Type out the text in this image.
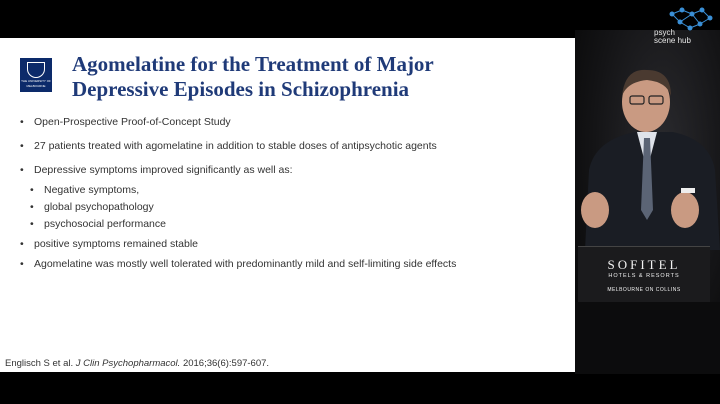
THE UNIVERSITY OF
MELBOURNE
Agomelatine for the Treatment of Major
Depressive Episodes in Schizophrenia
• Open-Prospective Proof-of-Concept Study
• 27 patients treated with agomelatine in addition to stable doses of antipsychotic agents
• Depressive symptoms improved significantly as well as:
• Negative symptoms,
• global psychopathology
• psychosocial performance
• positive symptoms remained stable
• Agomelatine was mostly well tolerated with predominantly mild and self-limiting side effects
Englisch S et al. J Clin Psychopharmacol. 2016;36(6):597-607.
psych
scene hub
SOFITEL
HOTELS & RESORTS
MELBOURNE ON COLLINS
